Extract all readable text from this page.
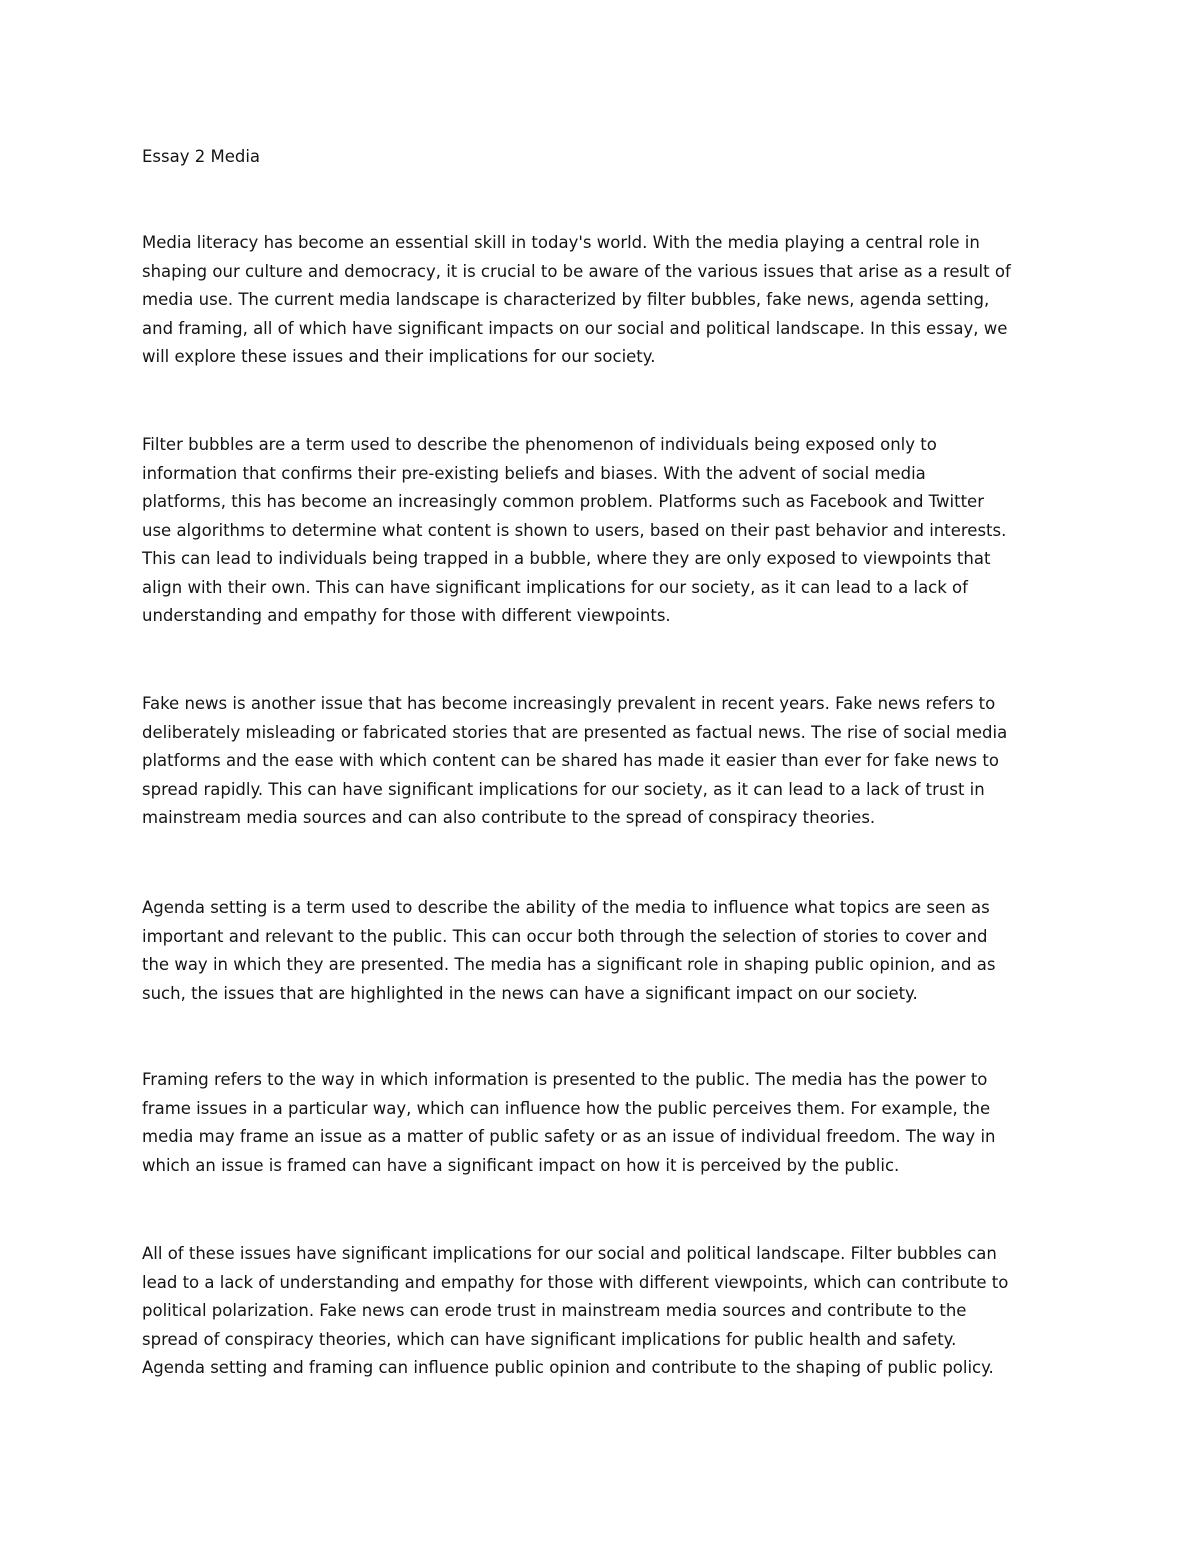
Essay 2 Media

Media literacy has become an essential skill in today's world. With the media playing a central role in
shaping our culture and democracy, it is crucial to be aware of the various issues that arise as a result of
media use. The current media landscape is characterized by filter bubbles, fake news, agenda setting,
and framing, all of which have significant impacts on our social and political landscape. In this essay, we
will explore these issues and their implications for our society.

Filter bubbles are a term used to describe the phenomenon of individuals being exposed only to
information that confirms their pre-existing beliefs and biases. With the advent of social media
platforms, this has become an increasingly common problem. Platforms such as Facebook and Twitter
use algorithms to determine what content is shown to users, based on their past behavior and interests.
This can lead to individuals being trapped in a bubble, where they are only exposed to viewpoints that
align with their own. This can have significant implications for our society, as it can lead to a lack of
understanding and empathy for those with different viewpoints.

Fake news is another issue that has become increasingly prevalent in recent years. Fake news refers to
deliberately misleading or fabricated stories that are presented as factual news. The rise of social media
platforms and the ease with which content can be shared has made it easier than ever for fake news to
spread rapidly. This can have significant implications for our society, as it can lead to a lack of trust in
mainstream media sources and can also contribute to the spread of conspiracy theories.

Agenda setting is a term used to describe the ability of the media to influence what topics are seen as
important and relevant to the public. This can occur both through the selection of stories to cover and
the way in which they are presented. The media has a significant role in shaping public opinion, and as
such, the issues that are highlighted in the news can have a significant impact on our society.

Framing refers to the way in which information is presented to the public. The media has the power to
frame issues in a particular way, which can influence how the public perceives them. For example, the
media may frame an issue as a matter of public safety or as an issue of individual freedom. The way in
which an issue is framed can have a significant impact on how it is perceived by the public.

All of these issues have significant implications for our social and political landscape. Filter bubbles can
lead to a lack of understanding and empathy for those with different viewpoints, which can contribute to
political polarization. Fake news can erode trust in mainstream media sources and contribute to the
spread of conspiracy theories, which can have significant implications for public health and safety.
Agenda setting and framing can influence public opinion and contribute to the shaping of public policy.
